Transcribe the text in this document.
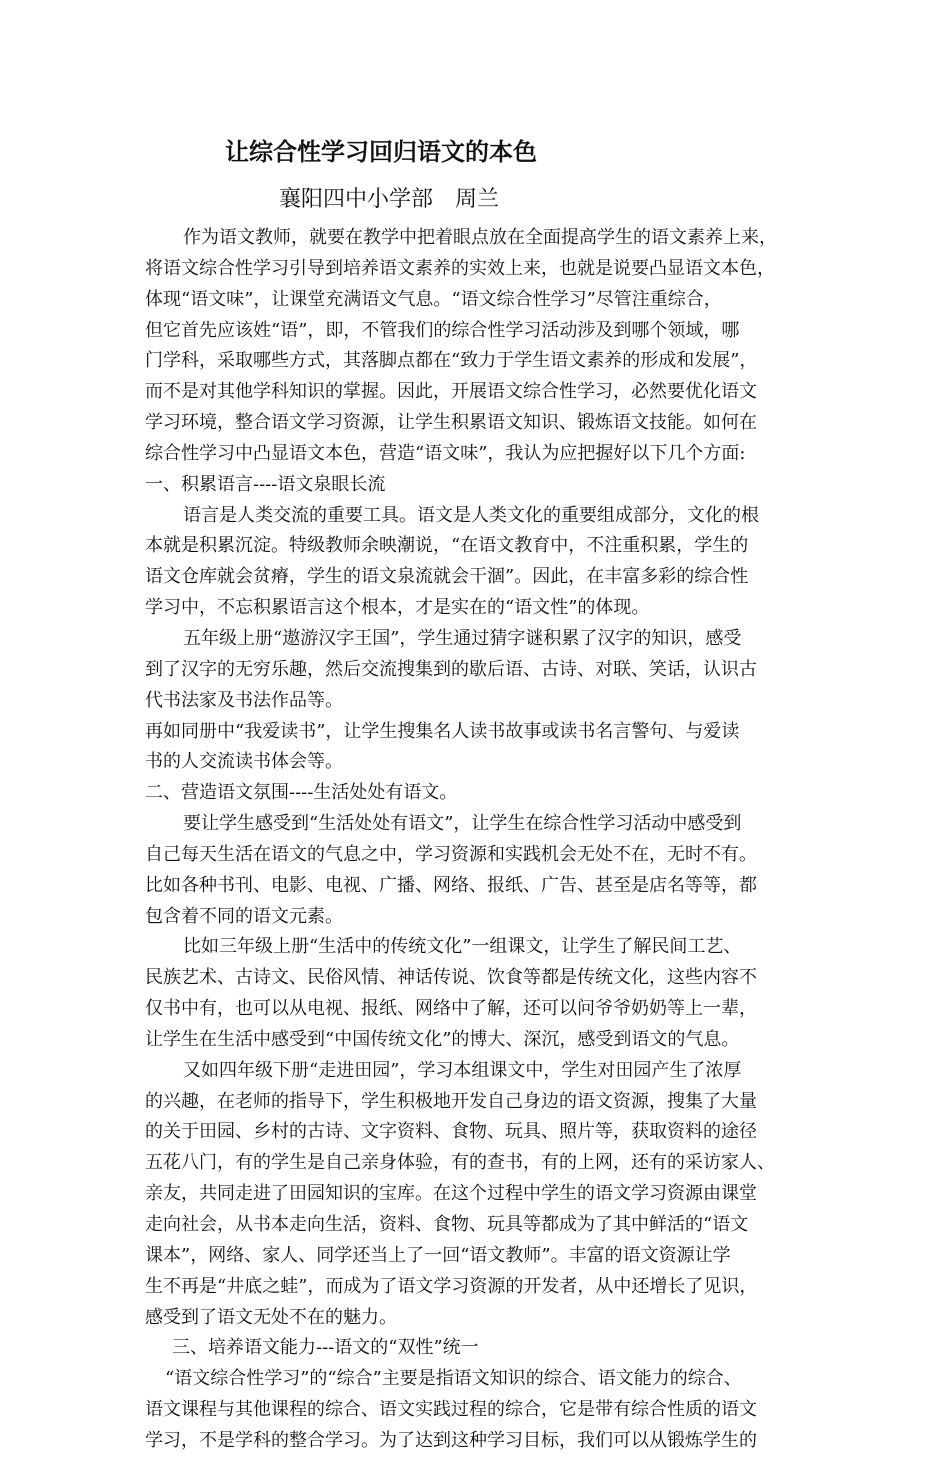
让综合性学习回归语文的本色
襄阳四中小学部　周兰
作为语文教师，就要在教学中把着眼点放在全面提高学生的语文素养上来，
将语文综合性学习引导到培养语文素养的实效上来，也就是说要凸显语文本色，
体现“语文味”，让课堂充满语文气息。“语文综合性学习”尽管注重综合，
但它首先应该姓“语”，即，不管我们的综合性学习活动涉及到哪个领域，哪
门学科，采取哪些方式，其落脚点都在“致力于学生语文素养的形成和发展”，
而不是对其他学科知识的掌握。因此，开展语文综合性学习，必然要优化语文
学习环境，整合语文学习资源，让学生积累语文知识、锻炼语文技能。如何在
综合性学习中凸显语文本色，营造“语文味”，我认为应把握好以下几个方面:
一、积累语言----语文泉眼长流
语言是人类交流的重要工具。语文是人类文化的重要组成部分，文化的根
本就是积累沉淀。特级教师余映潮说，“在语文教育中，不注重积累，学生的
语文仓库就会贫瘠，学生的语文泉流就会干涸”。因此，在丰富多彩的综合性
学习中，不忘积累语言这个根本，才是实在的“语文性”的体现。
五年级上册“遨游汉字王国”，学生通过猜字谜积累了汉字的知识，感受
到了汉字的无穷乐趣，然后交流搜集到的歇后语、古诗、对联、笑话，认识古
代书法家及书法作品等。
再如同册中“我爱读书”，让学生搜集名人读书故事或读书名言警句、与爱读
书的人交流读书体会等。
二、营造语文氛围----生活处处有语文。
要让学生感受到“生活处处有语文”，让学生在综合性学习活动中感受到
自己每天生活在语文的气息之中，学习资源和实践机会无处不在，无时不有。
比如各种书刊、电影、电视、广播、网络、报纸、广告、甚至是店名等等，都
包含着不同的语文元素。
比如三年级上册“生活中的传统文化”一组课文，让学生了解民间工艺、
民族艺术、古诗文、民俗风情、神话传说、饮食等都是传统文化，这些内容不
仅书中有，也可以从电视、报纸、网络中了解，还可以问爷爷奶奶等上一辈，
让学生在生活中感受到“中国传统文化”的博大、深沉，感受到语文的气息。
又如四年级下册“走进田园”，学习本组课文中，学生对田园产生了浓厚
的兴趣，在老师的指导下，学生积极地开发自己身边的语文资源，搜集了大量
的关于田园、乡村的古诗、文字资料、食物、玩具、照片等，获取资料的途径
五花八门，有的学生是自己亲身体验，有的查书，有的上网，还有的采访家人、
亲友，共同走进了田园知识的宝库。在这个过程中学生的语文学习资源由课堂
走向社会，从书本走向生活，资料、食物、玩具等都成为了其中鲜活的“语文
课本”，网络、家人、同学还当上了一回“语文教师”。丰富的语文资源让学
生不再是“井底之蛙”，而成为了语文学习资源的开发者，从中还增长了见识，
感受到了语文无处不在的魅力。
三、培养语文能力---语文的“双性”统一
“语文综合性学习”的“综合”主要是指语文知识的综合、语文能力的综合、
语文课程与其他课程的综合、语文实践过程的综合，它是带有综合性质的语文
学习，不是学科的整合学习。为了达到这种学习目标，我们可以从锻炼学生的
